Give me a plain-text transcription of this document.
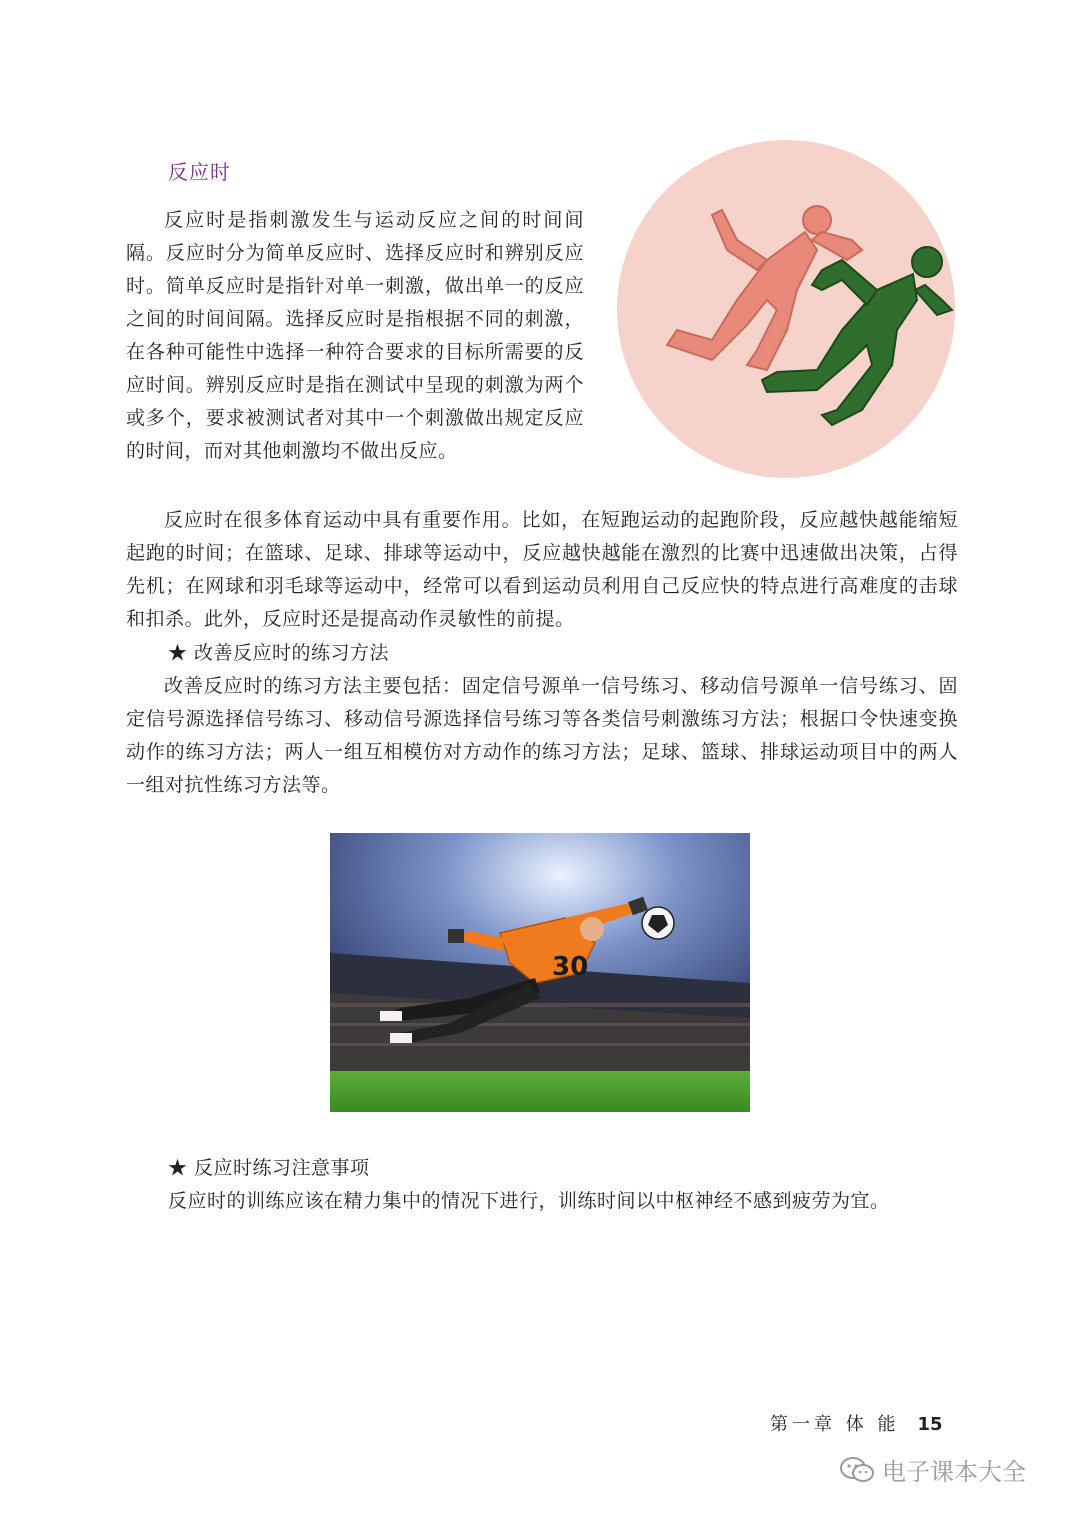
反应时

反应时是指刺激发生与运动反应之间的时间间隔。反应时分为简单反应时、选择反应时和辨别反应时。简单反应时是指针对单一刺激，做出单一的反应之间的时间间隔。选择反应时是指根据不同的刺激，在各种可能性中选择一种符合要求的目标所需要的反应时间。辨别反应时是指在测试中呈现的刺激为两个或多个，要求被测试者对其中一个刺激做出规定反应的时间，而对其他刺激均不做出反应。

反应时在很多体育运动中具有重要作用。比如，在短跑运动的起跑阶段，反应越快越能缩短起跑的时间；在篮球、足球、排球等运动中，反应越快越能在激烈的比赛中迅速做出决策，占得先机；在网球和羽毛球等运动中，经常可以看到运动员利用自己反应快的特点进行高难度的击球和扣杀。此外，反应时还是提高动作灵敏性的前提。

★ 改善反应时的练习方法

改善反应时的练习方法主要包括：固定信号源单一信号练习、移动信号源单一信号练习、固定信号源选择信号练习、移动信号源选择信号练习等各类信号刺激练习方法；根据口令快速变换动作的练习方法；两人一组互相模仿对方动作的练习方法；足球、篮球、排球运动项目中的两人一组对抗性练习方法等。

30
★ 反应时练习注意事项

反应时的训练应该在精力集中的情况下进行，训练时间以中枢神经不感到疲劳为宜。

第一章 体 能 15
电子课本大全
